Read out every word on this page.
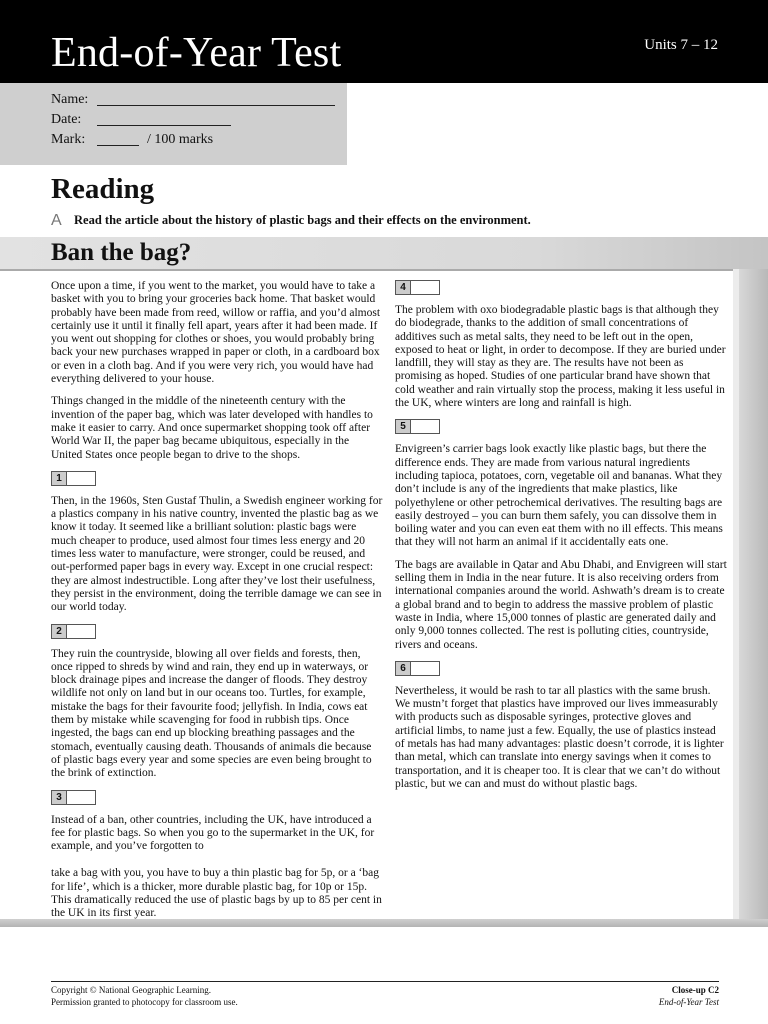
End-of-Year Test	Units 7 – 12
Name:
Date:
Mark:	/ 100 marks
Reading
A Read the article about the history of plastic bags and their effects on the environment.
Ban the bag?

Once upon a time, if you went to the market, you would have to take a basket with you to bring your groceries back home. That basket would probably have been made from reed, willow or raffia, and you’d almost certainly use it until it finally fell apart, years after it had been made. If you went out shopping for clothes or shoes, you would probably bring back your new purchases wrapped in paper or cloth, in a cardboard box or even in a cloth bag. And if you were very rich, you would have had everything delivered to your house.

Things changed in the middle of the nineteenth century with the invention of the paper bag, which was later developed with handles to make it easier to carry. And once supermarket shopping took off after World War II, the paper bag became ubiquitous, especially in the United States once people began to drive to the shops.

1

Then, in the 1960s, Sten Gustaf Thulin, a Swedish engineer working for a plastics company in his native country, invented the plastic bag as we know it today. It seemed like a brilliant solution: plastic bags were much cheaper to produce, used almost four times less energy and 20 times less water to manufacture, were stronger, could be reused, and out-performed paper bags in every way. Except in one crucial respect: they are almost indestructible. Long after they’ve lost their usefulness, they persist in the environment, doing the terrible damage we can see in our world today.

2

They ruin the countryside, blowing all over fields and forests, then, once ripped to shreds by wind and rain, they end up in waterways, or block drainage pipes and increase the danger of floods. They destroy wildlife not only on land but in our oceans too. Turtles, for example, mistake the bags for their favourite food; jellyfish. In India, cows eat them by mistake while scavenging for food in rubbish tips. Once ingested, the bags can end up blocking breathing passages and the stomach, eventually causing death. Thousands of animals die because of plastic bags every year and some species are even being brought to the brink of extinction.

3

Instead of a ban, other countries, including the UK, have introduced a fee for plastic bags. So when you go to the supermarket in the UK, for example, and you’ve forgotten to

take a bag with you, you have to buy a thin plastic bag for 5p, or a ‘bag for life’, which is a thicker, more durable plastic bag, for 10p or 15p. This dramatically reduced the use of plastic bags by up to 85 per cent in the UK in its first year.

4

The problem with oxo biodegradable plastic bags is that although they do biodegrade, thanks to the addition of small concentrations of additives such as metal salts, they need to be left out in the open, exposed to heat or light, in order to decompose. If they are buried under landfill, they will stay as they are. The results have not been as promising as hoped. Studies of one particular brand have shown that cold weather and rain virtually stop the process, making it less useful in the UK, where winters are long and rainfall is high.

5

Envigreen’s carrier bags look exactly like plastic bags, but there the difference ends. They are made from various natural ingredients including tapioca, potatoes, corn, vegetable oil and bananas. What they don’t include is any of the ingredients that make plastics, like polyethylene or other petrochemical derivatives. The resulting bags are easily destroyed – you can burn them safely, you can dissolve them in boiling water and you can even eat them with no ill effects. This means that they will not harm an animal if it accidentally eats one.

The bags are available in Qatar and Abu Dhabi, and Envigreen will start selling them in India in the near future. It is also receiving orders from international companies around the world. Ashwath’s dream is to create a global brand and to begin to address the massive problem of plastic waste in India, where 15,000 tonnes of plastic are generated daily and only 9,000 tonnes collected. The rest is polluting cities, countryside, rivers and oceans.

6

Nevertheless, it would be rash to tar all plastics with the same brush. We mustn’t forget that plastics have improved our lives immeasurably with products such as disposable syringes, protective gloves and artificial limbs, to name just a few. Equally, the use of plastics instead of metals has had many advantages: plastic doesn’t corrode, it is lighter than metal, which can translate into energy savings when it comes to transportation, and it is cheaper too. It is clear that we can’t do without plastic, but we can and must do without plastic bags.

Copyright © National Geographic Learning.
Permission granted to photocopy for classroom use.
Close-up C2
End-of-Year Test
